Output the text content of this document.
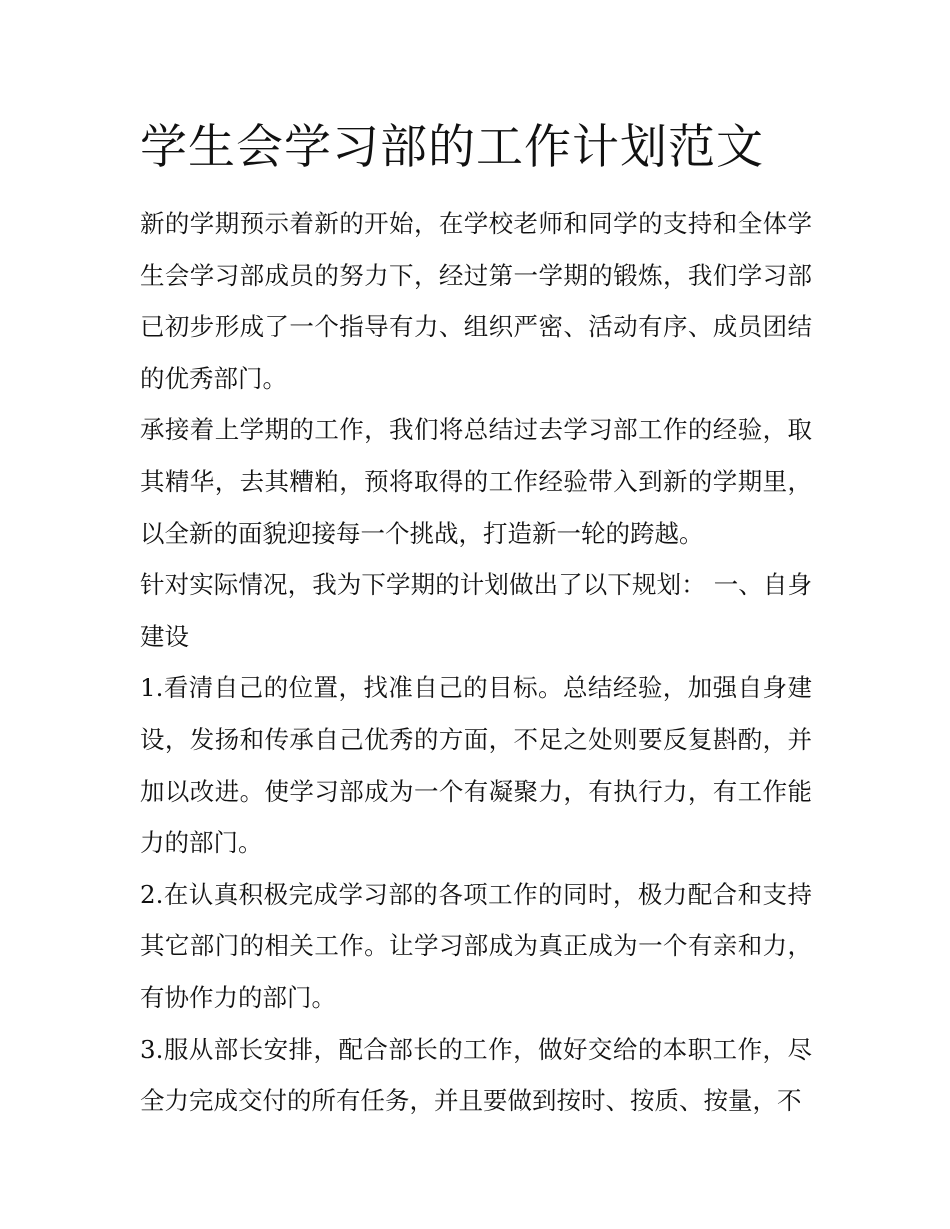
学生会学习部的工作计划范文

新的学期预示着新的开始，在学校老师和同学的支持和全体学生会学习部成员的努力下，经过第一学期的锻炼，我们学习部已初步形成了一个指导有力、组织严密、活动有序、成员团结的优秀部门。

承接着上学期的工作，我们将总结过去学习部工作的经验，取其精华，去其糟粕，预将取得的工作经验带入到新的学期里，以全新的面貌迎接每一个挑战，打造新一轮的跨越。

针对实际情况，我为下学期的计划做出了以下规划： 一、自身建设

1.看清自己的位置，找准自己的目标。总结经验，加强自身建设，发扬和传承自己优秀的方面，不足之处则要反复斟酌，并加以改进。使学习部成为一个有凝聚力，有执行力，有工作能力的部门。

2.在认真积极完成学习部的各项工作的同时，极力配合和支持其它部门的相关工作。让学习部成为真正成为一个有亲和力，有协作力的部门。

3.服从部长安排，配合部长的工作，做好交给的本职工作，尽全力完成交付的所有任务，并且要做到按时、按质、按量，不
